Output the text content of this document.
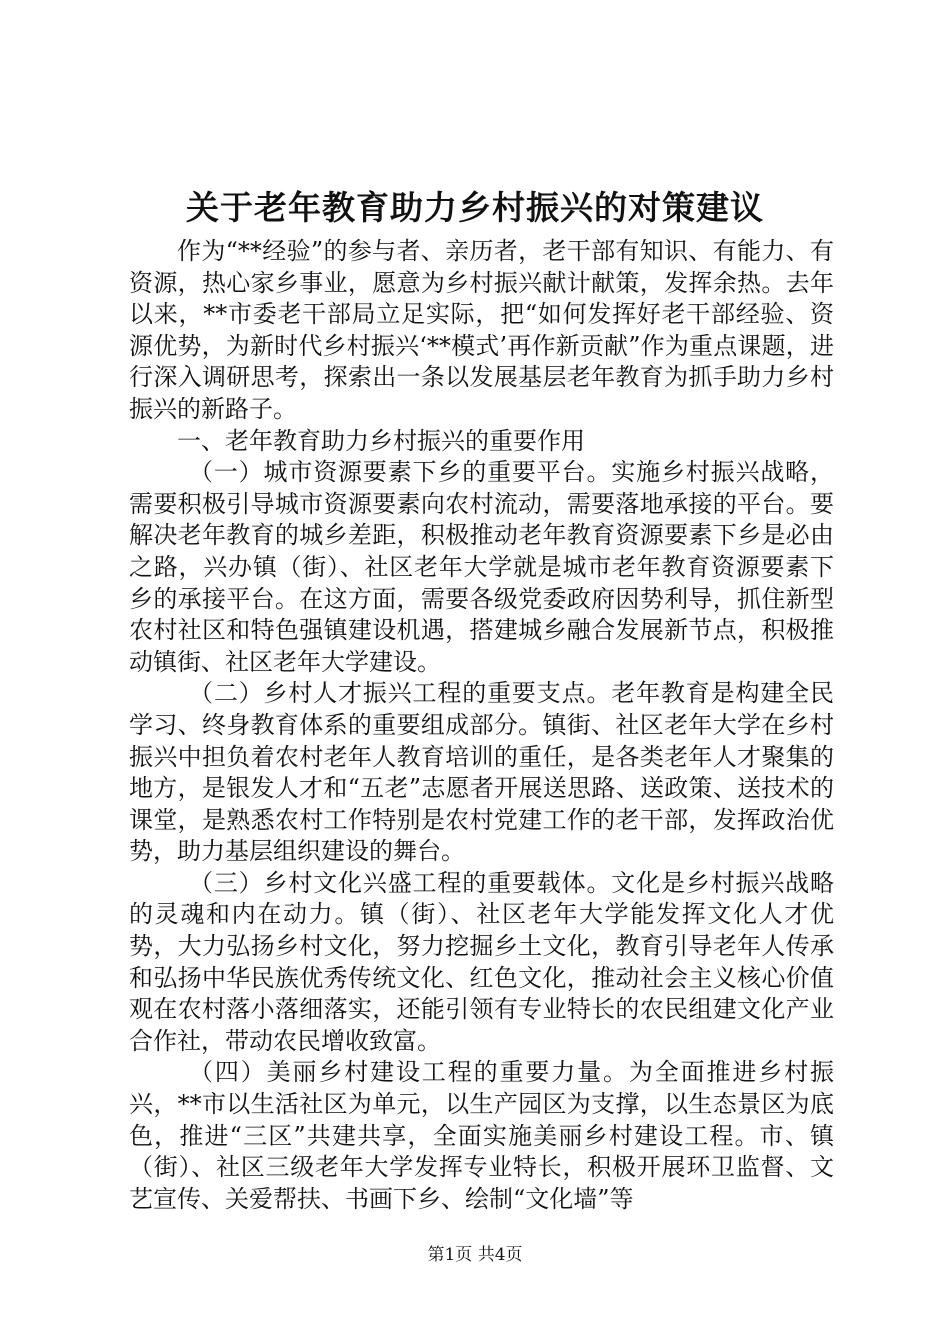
关于老年教育助力乡村振兴的对策建议

作为“**经验”的参与者、亲历者，老干部有知识、有能力、有资源，热心家乡事业，愿意为乡村振兴献计献策，发挥余热。去年以来，**市委老干部局立足实际，把“如何发挥好老干部经验、资源优势，为新时代乡村振兴‘**模式’再作新贡献”作为重点课题，进行深入调研思考，探索出一条以发展基层老年教育为抓手助力乡村振兴的新路子。

一、老年教育助力乡村振兴的重要作用

（一）城市资源要素下乡的重要平台。实施乡村振兴战略，需要积极引导城市资源要素向农村流动，需要落地承接的平台。要解决老年教育的城乡差距，积极推动老年教育资源要素下乡是必由之路，兴办镇（街）、社区老年大学就是城市老年教育资源要素下乡的承接平台。在这方面，需要各级党委政府因势利导，抓住新型农村社区和特色强镇建设机遇，搭建城乡融合发展新节点，积极推动镇街、社区老年大学建设。

（二）乡村人才振兴工程的重要支点。老年教育是构建全民学习、终身教育体系的重要组成部分。镇街、社区老年大学在乡村振兴中担负着农村老年人教育培训的重任，是各类老年人才聚集的地方，是银发人才和“五老”志愿者开展送思路、送政策、送技术的课堂，是熟悉农村工作特别是农村党建工作的老干部，发挥政治优势，助力基层组织建设的舞台。

（三）乡村文化兴盛工程的重要载体。文化是乡村振兴战略的灵魂和内在动力。镇（街）、社区老年大学能发挥文化人才优势，大力弘扬乡村文化，努力挖掘乡土文化，教育引导老年人传承和弘扬中华民族优秀传统文化、红色文化，推动社会主义核心价值观在农村落小落细落实，还能引领有专业特长的农民组建文化产业合作社，带动农民增收致富。

（四）美丽乡村建设工程的重要力量。为全面推进乡村振兴，**市以生活社区为单元，以生产园区为支撑，以生态景区为底色，推进“三区”共建共享，全面实施美丽乡村建设工程。市、镇（街）、社区三级老年大学发挥专业特长，积极开展环卫监督、文艺宣传、关爱帮扶、书画下乡、绘制“文化墙”等

第1页 共4页
